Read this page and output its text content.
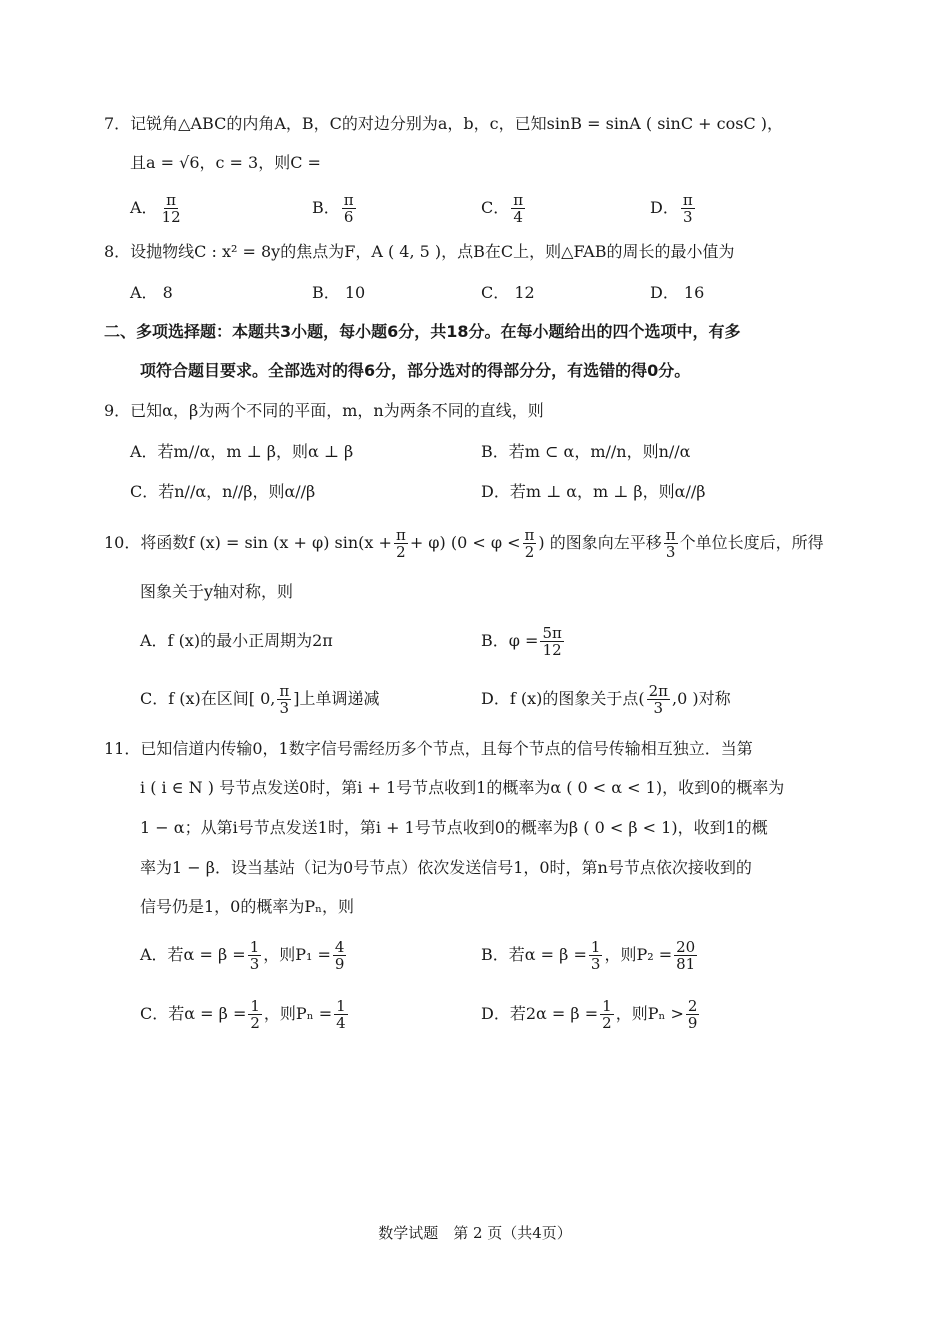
7．记锐角△ABC的内角A，B，C的对边分别为a，b，c，已知sinB = sinA ( sinC + cosC )，
且a = √6，c = 3，则C =
A． $\frac{\pi}{12}$	B． $\frac{\pi}{6}$	C． $\frac{\pi}{4}$	D． $\frac{\pi}{3}$
8．设抛物线C : x² = 8y的焦点为F，A ( 4, 5 )，点B在C上，则△FAB的周长的最小值为
A． 8	B． 10	C． 12	D． 16
二、多项选择题：本题共3小题，每小题6分，共18分。在每小题给出的四个选项中，有多
项符合题目要求。全部选对的得6分，部分选对的得部分分，有选错的得0分。
9．已知α，β为两个不同的平面，m，n为两条不同的直线，则
A．若m//α，m ⊥ β，则α ⊥ β	B．若m ⊂ α，m//n，则n//α
C．若n//α，n//β，则α//β	D．若m ⊥ α，m ⊥ β，则α//β
10．将函数f (x) = sin (x + φ) $\sin(x + \frac{\pi}{2} + \varphi)$ ($0 < \varphi < \frac{\pi}{2}$ ) 的图象向左平移 $\frac{\pi}{3}$ 个单位长度后，所得
图象关于y轴对称，则
A．f (x)的最小正周期为2π	B．$\varphi = \frac{5\pi}{12}$
C．f (x)在区间[ 0, $\frac{\pi}{3}$ ]上单调递减	D．f (x)的图象关于点( $\frac{2\pi}{3} ,0$ )对称
11．已知信道内传输0，1数字信号需经历多个节点，且每个节点的信号传输相互独立．当第
i ( i ∈ N ) 号节点发送0时，第i + 1号节点收到1的概率为α ( 0 < α < 1)，收到0的概率为
1 − α；从第i号节点发送1时，第i + 1号节点收到0的概率为β ( 0 < β < 1)，收到1的概
率为1 − β．设当基站（记为0号节点）依次发送信号1，0时，第n号节点依次接收到的
信号仍是1，0的概率为Pₙ，则
A．若$\alpha = \beta = \frac{1}{3}$ ，则$P_1 = \frac{4}{9}$	B．若$\alpha = \beta = \frac{1}{3}$ ，则$P_2 = \frac{20}{81}$
C．若$\alpha = \beta = \frac{1}{2}$ ，则$P_n = \frac{1}{4}$	D．若$2\alpha = \beta = \frac{1}{2}$ ，则$P_n > \frac{2}{9}$
数学试题　第 2 页（共4页）
